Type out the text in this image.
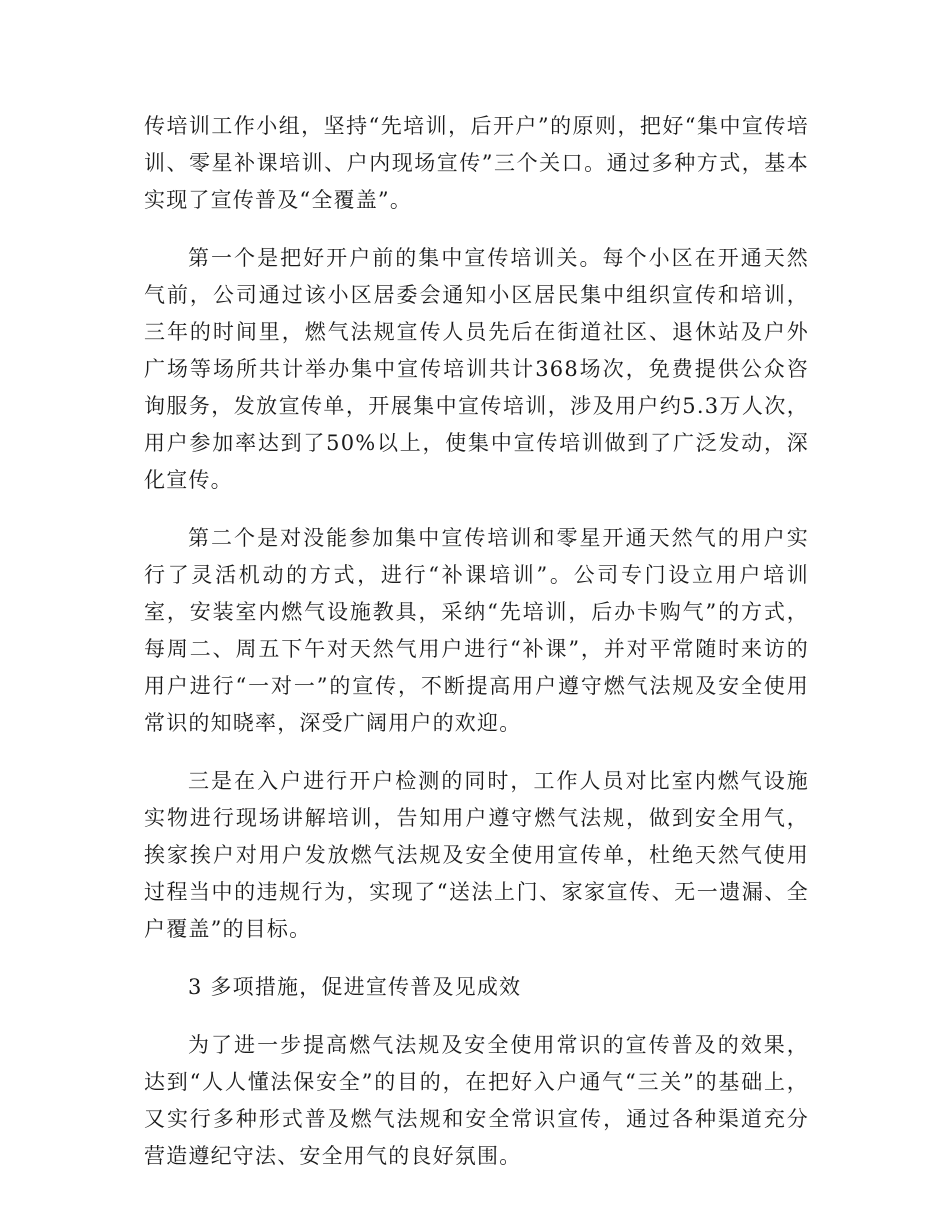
传培训工作小组，坚持“先培训，后开户”的原则，把好“集中宣传培训、零星补课培训、户内现场宣传”三个关口。通过多种方式，基本实现了宣传普及“全覆盖”。

第一个是把好开户前的集中宣传培训关。每个小区在开通天然气前，公司通过该小区居委会通知小区居民集中组织宣传和培训，三年的时间里，燃气法规宣传人员先后在街道社区、退休站及户外广场等场所共计举办集中宣传培训共计368场次，免费提供公众咨询服务，发放宣传单，开展集中宣传培训，涉及用户约5.3万人次，用户参加率达到了50%以上，使集中宣传培训做到了广泛发动，深化宣传。

第二个是对没能参加集中宣传培训和零星开通天然气的用户实行了灵活机动的方式，进行“补课培训”。公司专门设立用户培训室，安装室内燃气设施教具，采纳“先培训，后办卡购气”的方式，每周二、周五下午对天然气用户进行“补课”，并对平常随时来访的用户进行“一对一”的宣传，不断提高用户遵守燃气法规及安全使用常识的知晓率，深受广阔用户的欢迎。

三是在入户进行开户检测的同时，工作人员对比室内燃气设施实物进行现场讲解培训，告知用户遵守燃气法规，做到安全用气，挨家挨户对用户发放燃气法规及安全使用宣传单，杜绝天然气使用过程当中的违规行为，实现了“送法上门、家家宣传、无一遗漏、全户覆盖”的目标。

3 多项措施，促进宣传普及见成效

为了进一步提高燃气法规及安全使用常识的宣传普及的效果，达到“人人懂法保安全”的目的，在把好入户通气“三关”的基础上，又实行多种形式普及燃气法规和安全常识宣传，通过各种渠道充分营造遵纪守法、安全用气的良好氛围。
